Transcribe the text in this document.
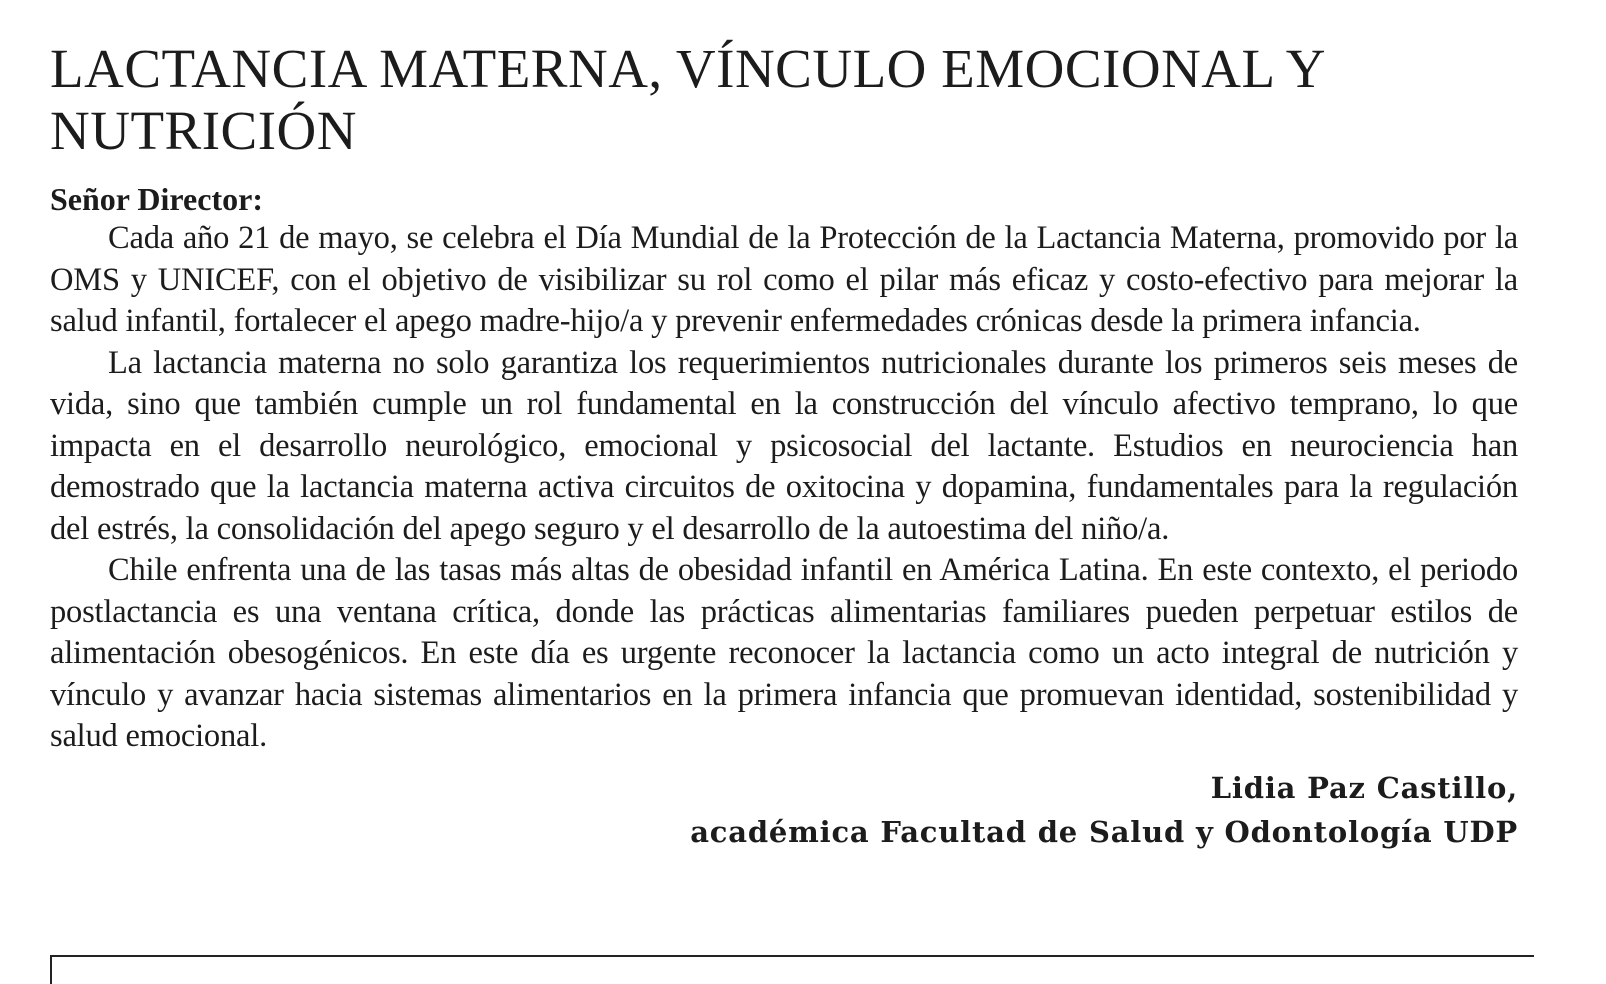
LACTANCIA MATERNA, VÍNCULO EMOCIONAL Y NUTRICIÓN
Señor Director:

Cada año 21 de mayo, se celebra el Día Mundial de la Protección de la Lactancia Materna, promovido por la OMS y UNICEF, con el objetivo de visibilizar su rol como el pilar más eficaz y costo-efectivo para mejorar la salud infantil, fortalecer el apego madre-hijo/a y prevenir enfermedades crónicas desde la primera infancia.

La lactancia materna no solo garantiza los requerimientos nutricionales durante los primeros seis meses de vida, sino que también cumple un rol fundamental en la construcción del vínculo afectivo temprano, lo que impacta en el desarrollo neurológico, emocional y psicosocial del lactante. Estudios en neurociencia han demostrado que la lactancia materna activa circuitos de oxitocina y dopamina, fundamentales para la regulación del estrés, la consolidación del apego seguro y el desarrollo de la autoestima del niño/a.

Chile enfrenta una de las tasas más altas de obesidad infantil en América Latina. En este contexto, el periodo postlactancia es una ventana crítica, donde las prácticas alimentarias familiares pueden perpetuar estilos de alimentación obesogénicos. En este día es urgente reconocer la lactancia como un acto integral de nutrición y vínculo y avanzar hacia sistemas alimentarios en la primera infancia que promuevan identidad, sostenibilidad y salud emocional.

Lidia Paz Castillo,
académica Facultad de Salud y Odontología UDP
